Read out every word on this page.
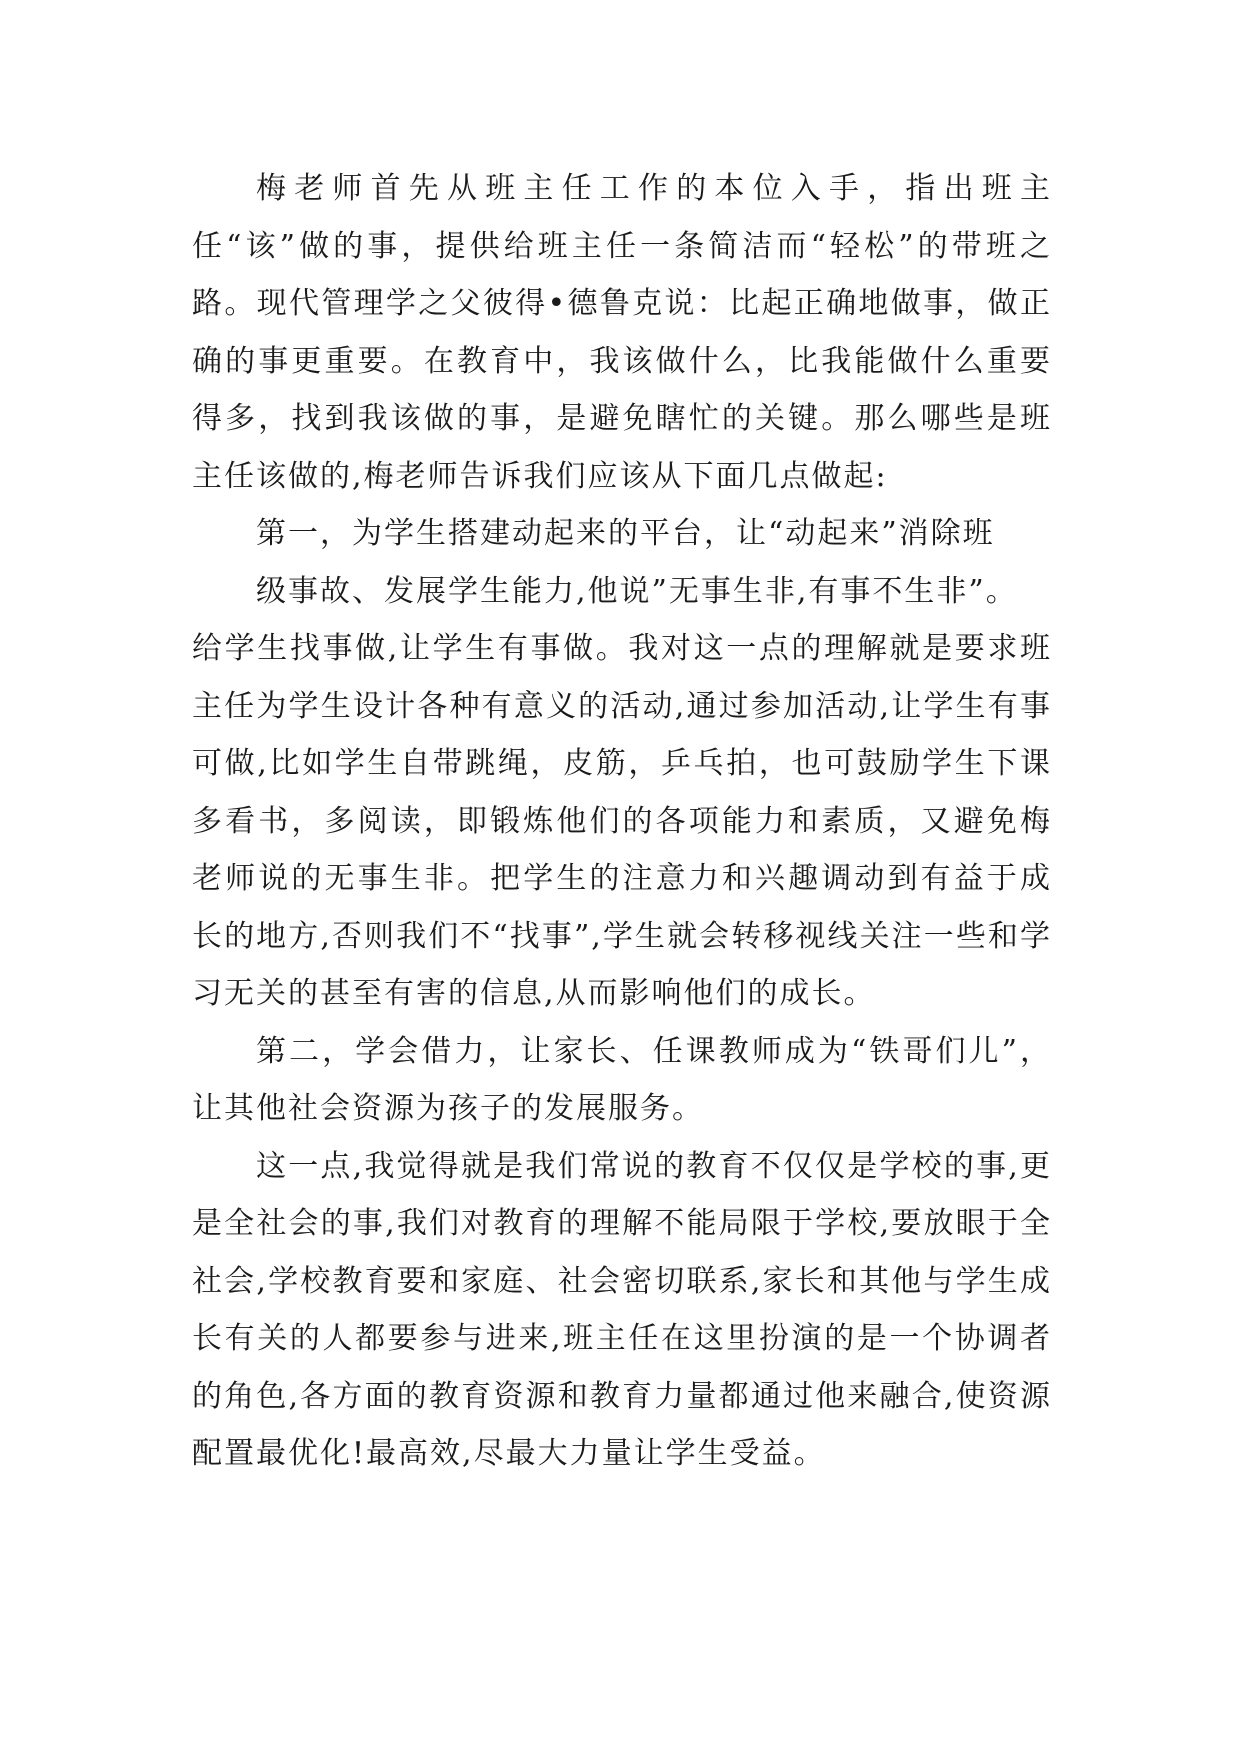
梅老师首先从班主任工作的本位入手，指出班主任“该”做的事，提供给班主任一条简洁而“轻松”的带班之路。现代管理学之父彼得•德鲁克说：比起正确地做事，做正确的事更重要。在教育中，我该做什么，比我能做什么重要得多，找到我该做的事，是避免瞎忙的关键。那么哪些是班主任该做的,梅老师告诉我们应该从下面几点做起:

第一，为学生搭建动起来的平台，让“动起来”消除班

级事故、发展学生能力,他说”无事生非,有事不生非”。

给学生找事做,让学生有事做。我对这一点的理解就是要求班主任为学生设计各种有意义的活动,通过参加活动,让学生有事可做,比如学生自带跳绳，皮筋，乒乓拍，也可鼓励学生下课多看书，多阅读，即锻炼他们的各项能力和素质，又避免梅老师说的无事生非。把学生的注意力和兴趣调动到有益于成长的地方,否则我们不“找事”,学生就会转移视线关注一些和学习无关的甚至有害的信息,从而影响他们的成长。

第二，学会借力，让家长、任课教师成为“铁哥们儿”，让其他社会资源为孩子的发展服务。

这一点,我觉得就是我们常说的教育不仅仅是学校的事,更是全社会的事,我们对教育的理解不能局限于学校,要放眼于全社会,学校教育要和家庭、社会密切联系,家长和其他与学生成长有关的人都要参与进来,班主任在这里扮演的是一个协调者的角色,各方面的教育资源和教育力量都通过他来融合,使资源配置最优化!最高效,尽最大力量让学生受益。
